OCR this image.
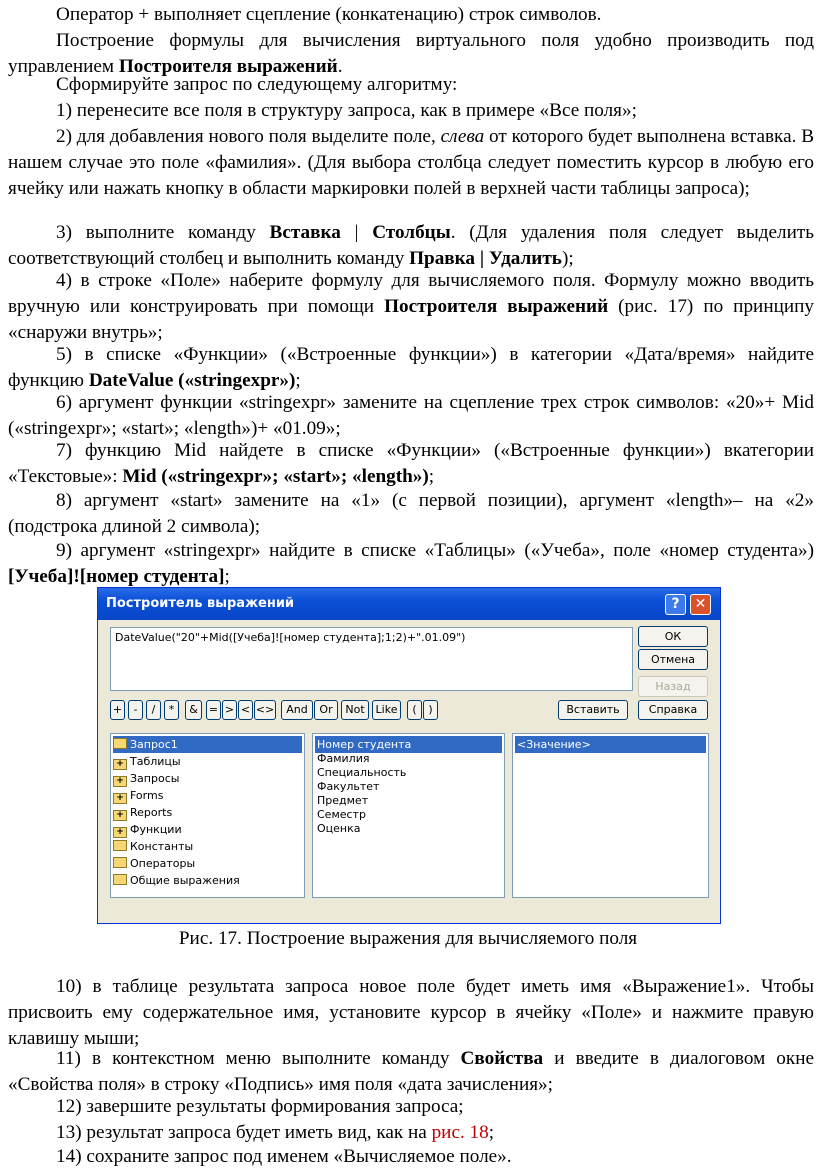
Оператор + выполняет сцепление (конкатенацию) строк символов.

Построение формулы для вычисления виртуального поля удобно производить под управлением Построителя выражений.

Сформируйте запрос по следующему алгоритму:

1) перенесите все поля в структуру запроса, как в примере «Все поля»;

2) для добавления нового поля выделите поле, слева от которого будет выполнена вставка. В нашем случае это поле «фамилия». (Для выбора столбца следует поместить курсор в любую его ячейку или нажать кнопку в области маркировки полей в верхней части таблицы запроса);

3) выполните команду Вставка | Столбцы. (Для удаления поля следует выделить соответствующий столбец и выполнить команду Правка | Удалить);

4) в строке «Поле» наберите формулу для вычисляемого поля. Формулу можно вводить вручную или конструировать при помощи Построителя выражений (рис. 17) по принципу «снаружи внутрь»;

5) в списке «Функции» («Встроенные функции») в категории «Дата/время» найдите функцию DateValue («stringexpr»);

6) аргумент функции «stringexpr» замените на сцепление трех строк символов: «20»+ Mid («stringexpr»; «start»; «length»)+ «01.09»;

7) функцию Mid найдете в списке «Функции» («Встроенные функции») вкатегории «Текстовые»: Mid («stringexpr»; «start»; «length»);

8) аргумент «start» замените на «1» (с первой позиции), аргумент «length»– на «2» (подстрока длиной 2 символа);

9) аргумент «stringexpr» найдите в списке «Таблицы» («Учеба», поле «номер студента») [Учеба]![номер студента];

Построитель выражений	?	✕
DateValue("20"+Mid([Учеба]![номер студента];1;2)+".01.09")	ОК
Отмена
Назад
+	-	/	*	&	= > < <>	And	Or	Not Like	(	)	Вставить	Справка
Запрос1
+ Таблицы
+ Запросы
+ Forms
+ Reports
+ Функции
Константы
Операторы
Общие выражения
Номер студента
Фамилия
Специальность
Факультет
Предмет
Семестр
Оценка
<Значение>
Рис. 17. Построение выражения для вычисляемого поля

10) в таблице результата запроса новое поле будет иметь имя «Выражение1». Чтобы присвоить ему содержательное имя, установите курсор в ячейку «Поле» и нажмите правую клавишу мыши;

11) в контекстном меню выполните команду Свойства и введите в диалоговом окне «Свойства поля» в строку «Подпись» имя поля «дата зачисления»;

12) завершите результаты формирования запроса;

13) результат запроса будет иметь вид, как на рис. 18;

14) сохраните запрос под именем «Вычисляемое поле».
